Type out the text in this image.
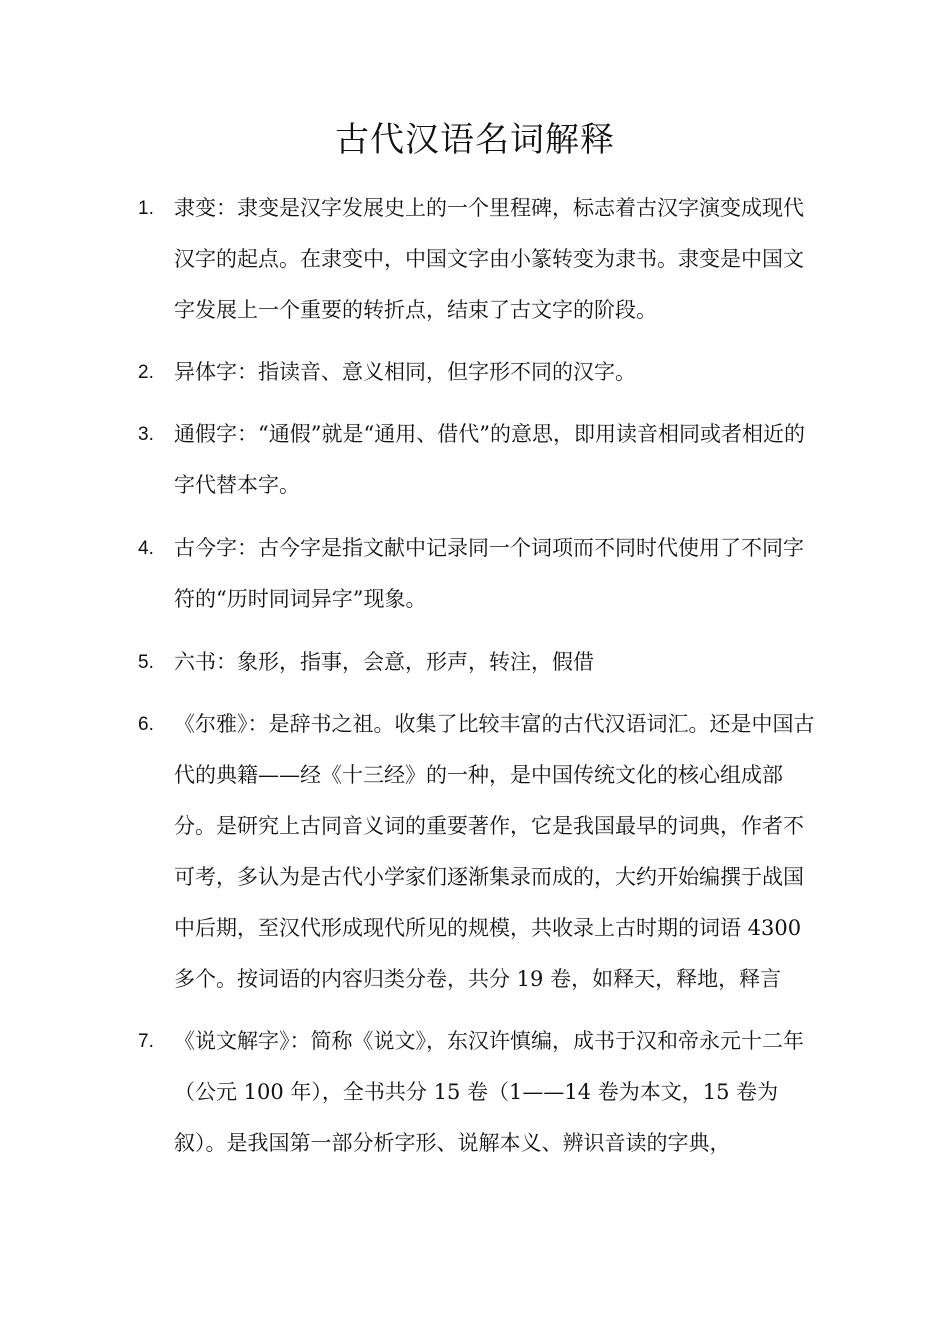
古代汉语名词解释
1. 隶变：隶变是汉字发展史上的一个里程碑，标志着古汉字演变成现代汉字的起点。在隶变中，中国文字由小篆转变为隶书。隶变是中国文字发展上一个重要的转折点，结束了古文字的阶段。
2. 异体字：指读音、意义相同，但字形不同的汉字。
3. 通假字：“通假”就是“通用、借代”的意思，即用读音相同或者相近的字代替本字。
4. 古今字：古今字是指文献中记录同一个词项而不同时代使用了不同字符的“历时同词异字”现象。
5. 六书：象形，指事，会意，形声，转注，假借
6. 《尔雅》：是辞书之祖。收集了比较丰富的古代汉语词汇。还是中国古代的典籍——经《十三经》的一种，是中国传统文化的核心组成部分。是研究上古同音义词的重要著作，它是我国最早的词典，作者不可考，多认为是古代小学家们逐渐集录而成的，大约开始编撰于战国中后期，至汉代形成现代所见的规模，共收录上古时期的词语 4300 多个。按词语的内容归类分卷，共分 19 卷，如释天，释地，释言
7. 《说文解字》：简称《说文》，东汉许慎编，成书于汉和帝永元十二年（公元 100 年），全书共分 15 卷（1——14 卷为本文，15 卷为叙）。是我国第一部分析字形、说解本义、辨识音读的字典，
